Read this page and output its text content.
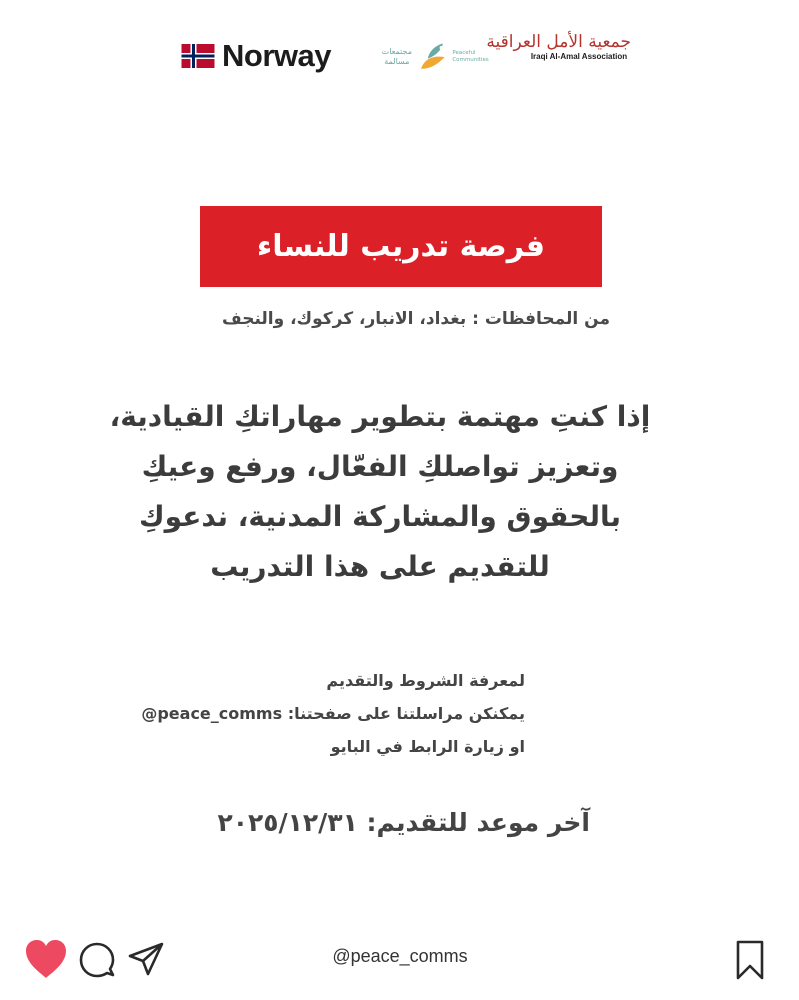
Norway	مجتمعات مسالمة
Peaceful Communities
جمعية الأمل العراقية
Iraqi Al-Amal Association
فرصة تدريب للنساء
من المحافظات : بغداد، الانبار، كركوك، والنجف
إذا كنتِ مهتمة بتطوير مهاراتكِ القيادية،
وتعزيز تواصلكِ الفعّال، ورفع وعيكِ
بالحقوق والمشاركة المدنية، ندعوكِ
للتقديم على هذا التدريب
لمعرفة الشروط والتقديم
يمكنكن مراسلتنا على صفحتنا: @peace_comms
او زيارة الرابط في البايو
آخر موعد للتقديم: ٢٠٢٥/١٢/٣١
@peace_comms
